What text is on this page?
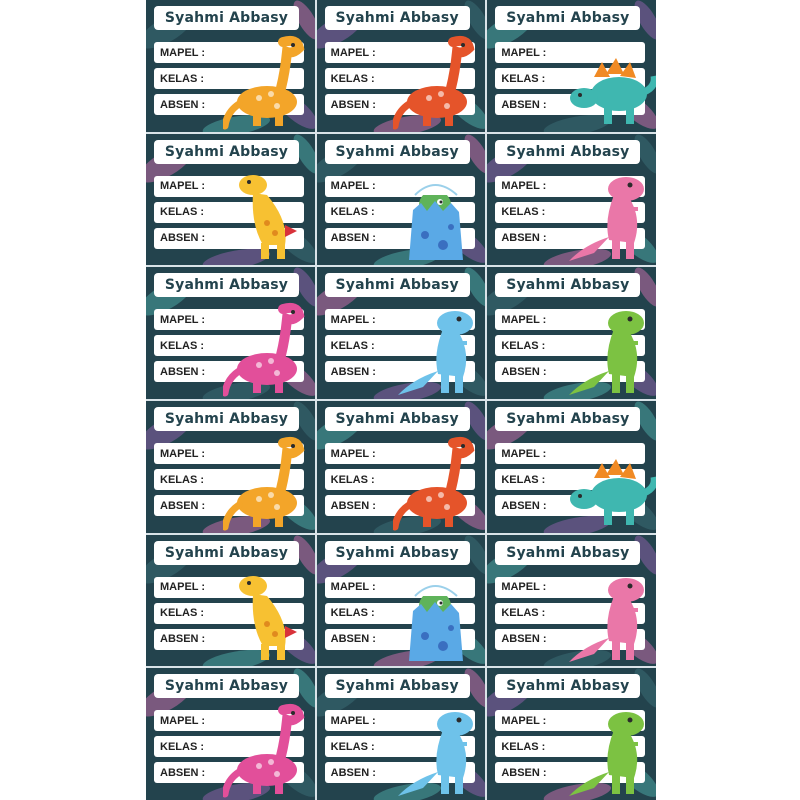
Syahmi Abbasy
MAPEL :
KELAS :
ABSEN :
Syahmi Abbasy
MAPEL :
KELAS :
ABSEN :
Syahmi Abbasy
MAPEL :
KELAS :
ABSEN :
Syahmi Abbasy
MAPEL :
KELAS :
ABSEN :
Syahmi Abbasy
MAPEL :
KELAS :
ABSEN :
Syahmi Abbasy
MAPEL :
KELAS :
ABSEN :
Syahmi Abbasy
MAPEL :
KELAS :
ABSEN :
Syahmi Abbasy
MAPEL :
KELAS :
ABSEN :
Syahmi Abbasy
MAPEL :
KELAS :
ABSEN :
Syahmi Abbasy
MAPEL :
KELAS :
ABSEN :
Syahmi Abbasy
MAPEL :
KELAS :
ABSEN :
Syahmi Abbasy
MAPEL :
KELAS :
ABSEN :
Syahmi Abbasy
MAPEL :
KELAS :
ABSEN :
Syahmi Abbasy
MAPEL :
KELAS :
ABSEN :
Syahmi Abbasy
MAPEL :
KELAS :
ABSEN :
Syahmi Abbasy
MAPEL :
KELAS :
ABSEN :
Syahmi Abbasy
MAPEL :
KELAS :
ABSEN :
Syahmi Abbasy
MAPEL :
KELAS :
ABSEN :
